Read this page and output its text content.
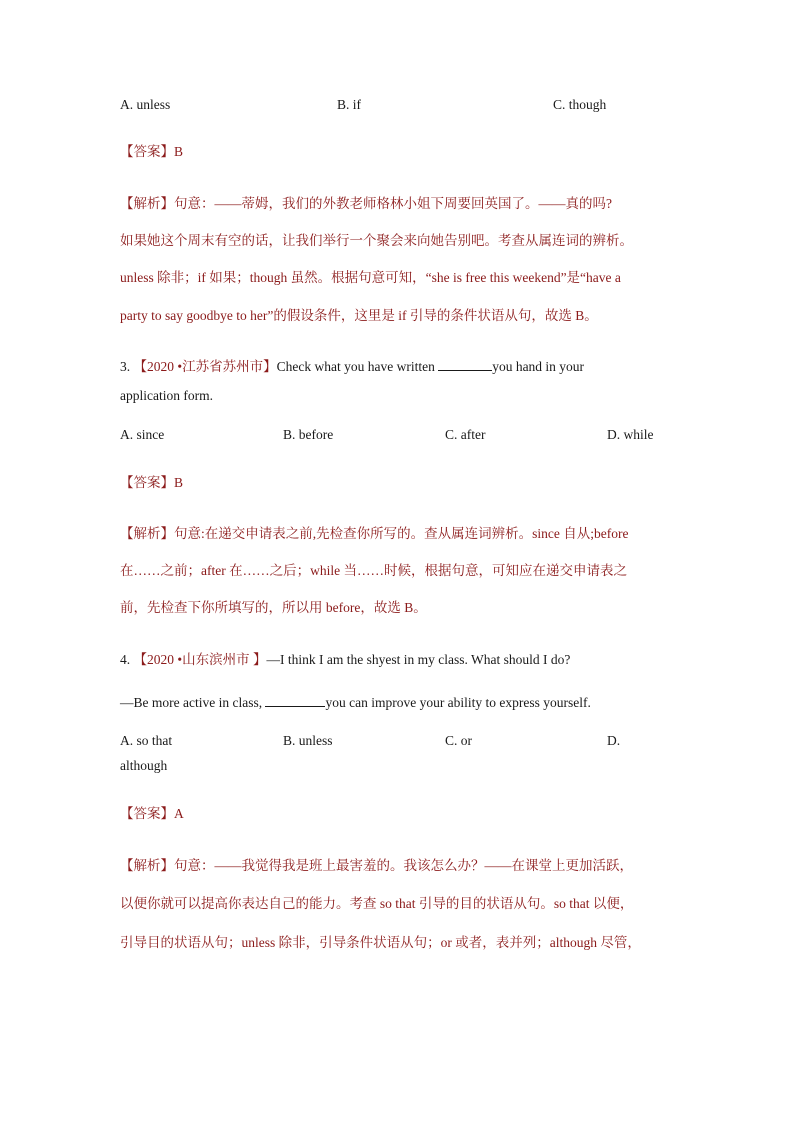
A. unless	B. if	C. though
【答案】B
【解析】句意：——蒂姆，我们的外教老师格林小姐下周要回英国了。——真的吗?
如果她这个周末有空的话，让我们举行一个聚会来向她告别吧。考查从属连词的辨析。
unless 除非；if 如果；though 虽然。根据句意可知，“she is free this weekend”是“have a
party to say goodbye to her”的假设条件，这里是 if 引导的条件状语从句，故选 B。
3. 【2020 •江苏省苏州市】Check what you have written	you hand in your
application form.
A. since	B. before	C. after	D. while
【答案】B
【解析】句意:在递交申请表之前,先检查你所写的。查从属连词辨析。since 自从;before
在……之前；after 在……之后；while 当……时候，根据句意，可知应在递交申请表之
前，先检查下你所填写的，所以用 before，故选 B。
4. 【2020 •山东滨州市 】—I think I am the shyest in my class. What should I do?
—Be more active in class,	you can improve your ability to express yourself.
A. so that	B. unless	C. or	D.
although
【答案】A
【解析】句意：——我觉得我是班上最害羞的。我该怎么办？——在课堂上更加活跃，
以便你就可以提高你表达自己的能力。考查 so that 引导的目的状语从句。so that 以便，
引导目的状语从句；unless 除非，引导条件状语从句；or 或者，表并列；although 尽管，
